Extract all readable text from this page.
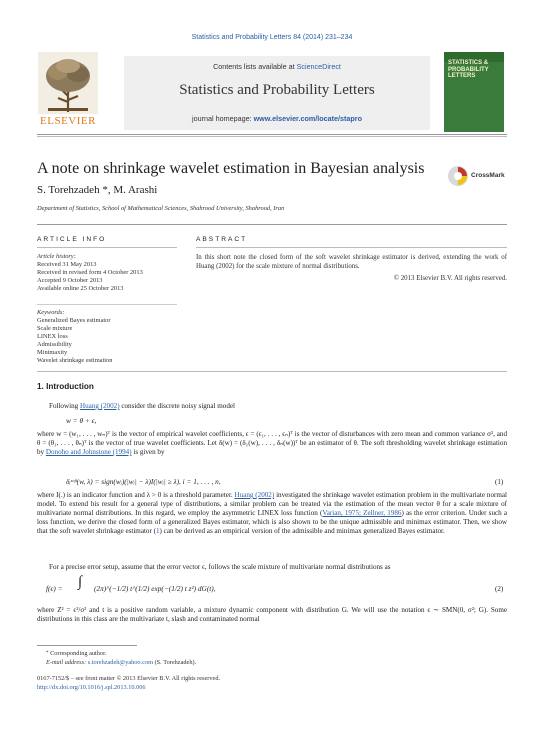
Statistics and Probability Letters 84 (2014) 231–234
ELSEVIER
Contents lists available at ScienceDirect
Statistics and Probability Letters
journal homepage: www.elsevier.com/locate/stapro
STATISTICS & PROBABILITY LETTERS
A note on shrinkage wavelet estimation in Bayesian analysis	CrossMark
S. Torehzadeh *, M. Arashi
Department of Statistics, School of Mathematical Sciences, Shahrood University, Shahrood, Iran
ARTICLE INFO	ABSTRACT
Article history:
Received 31 May 2013
Received in revised form 4 October 2013
Accepted 9 October 2013
Available online 25 October 2013
Keywords:
Generalized Bayes estimator
Scale mixture
LINEX loss
Admissibility
Minimaxity
Wavelet shrinkage estimation
In this short note the closed form of the soft wavelet shrinkage estimator is derived, extending the work of Huang (2002) for the scale mixture of normal distributions.
© 2013 Elsevier B.V. All rights reserved.
1. Introduction
Following Huang (2002) consider the discrete noisy signal model
w = θ + ϵ,
where w = (w₁, . . . , wₙ)ᵀ is the vector of empirical wavelet coefficients, ϵ = (ϵ₁, . . . , ϵₙ)ᵀ is the vector of disturbances with zero mean and common variance σ², and θ = (θ₁, . . . , θₙ)ᵀ is the vector of true wavelet coefficients. Let δ(w) = (δ₁(w), . . . , δₙ(w))ᵀ be an estimator of θ. The soft thresholding wavelet shrinkage estimation by Donoho and Johnstone (1994) is given by
δᵢˢᵒᶠᵗ(w, λ) = sign(wᵢ)(|wᵢ| − λ)I(|wᵢ| ≥ λ), i = 1, . . . , n,	(1)
where I(.) is an indicator function and λ > 0 is a threshold parameter. Huang (2002) investigated the shrinkage wavelet estimation problem in the multivariate normal model. To extend his result for a general type of distributions, a similar problem can be treated via the estimation of the mean vector θ for a scale mixture of multivariate normal distributions. In this regard, we employ the asymmetric LINEX loss function (Varian, 1975; Zellner, 1986) as the error criterion. Under such a loss function, we derive the closed form of a generalized Bayes estimator, which is also shown to be the unique admissible and minimax estimator. Then, we show that the soft wavelet shrinkage estimator (1) can be derived as an empirical version of the admissible and minimax generalized Bayes estimator.
For a precise error setup, assume that the error vector ϵ, follows the scale mixture of multivariate normal distributions as
f(ϵ) = ∫ (2π)^(−1/2) t^(1/2) exp(−(1/2) t z²) dG(t),	(2)
where Z² = ϵ²/σ² and t is a positive random variable, a mixture dynamic component with distribution G. We will use the notation ϵ ∼ SMN(0, σ²; G). Some distributions in this class are the multivariate t, slash and contaminated normal
* Corresponding author.
E-mail address: s.torehzadeh@yahoo.com (S. Torehzadeh).
0167-7152/$ – see front matter © 2013 Elsevier B.V. All rights reserved.
http://dx.doi.org/10.1016/j.spl.2013.10.006
